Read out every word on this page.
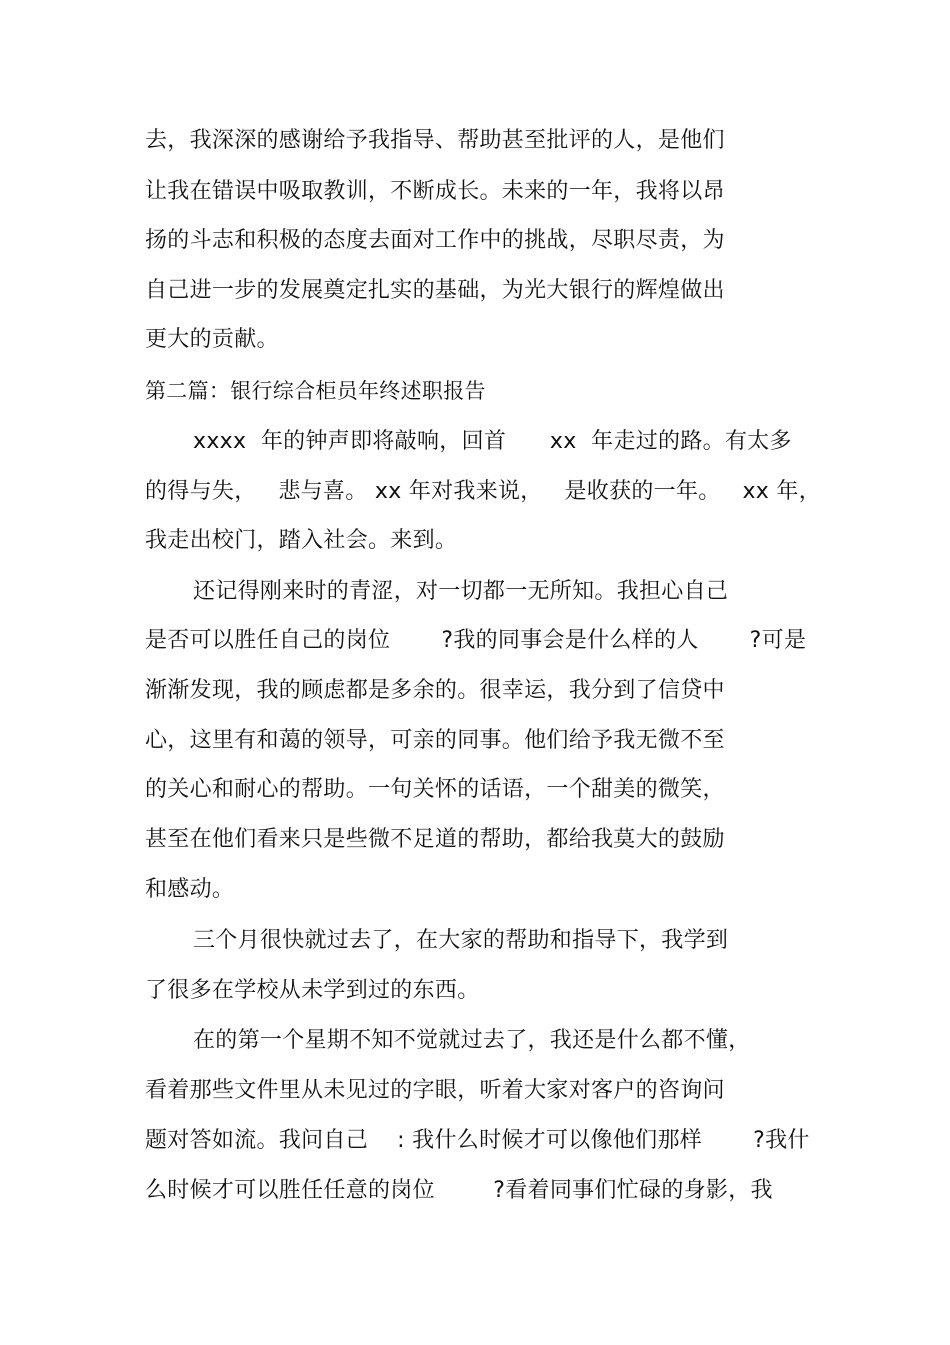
去，我深深的感谢给予我指导、帮助甚至批评的人，是他们
让我在错误中吸取教训，不断成长。未来的一年，我将以昂
扬的斗志和积极的态度去面对工作中的挑战，尽职尽责，为
自己进一步的发展奠定扎实的基础，为光大银行的辉煌做出
更大的贡献。
第二篇：银行综合柜员年终述职报告
xxxx  年的钟声即将敲响，回首      xx  年走过的路。有太多
的得与失，   悲与喜。 xx 年对我来说，   是收获的一年。   xx 年，
我走出校门，踏入社会。来到。
还记得刚来时的青涩，对一切都一无所知。我担心自己
是否可以胜任自己的岗位       ?我的同事会是什么样的人       ?可是
渐渐发现，我的顾虑都是多余的。很幸运，我分到了信贷中
心，这里有和蔼的领导，可亲的同事。他们给予我无微不至
的关心和耐心的帮助。一句关怀的话语，一个甜美的微笑，
甚至在他们看来只是些微不足道的帮助，都给我莫大的鼓励
和感动。
三个月很快就过去了，在大家的帮助和指导下，我学到
了很多在学校从未学到过的东西。
在的第一个星期不知不觉就过去了，我还是什么都不懂，
看着那些文件里从未见过的字眼，听着大家对客户的咨询问
题对答如流。我问自己    : 我什么时候才可以像他们那样       ?我什
么时候才可以胜任任意的岗位        ?看着同事们忙碌的身影，我
